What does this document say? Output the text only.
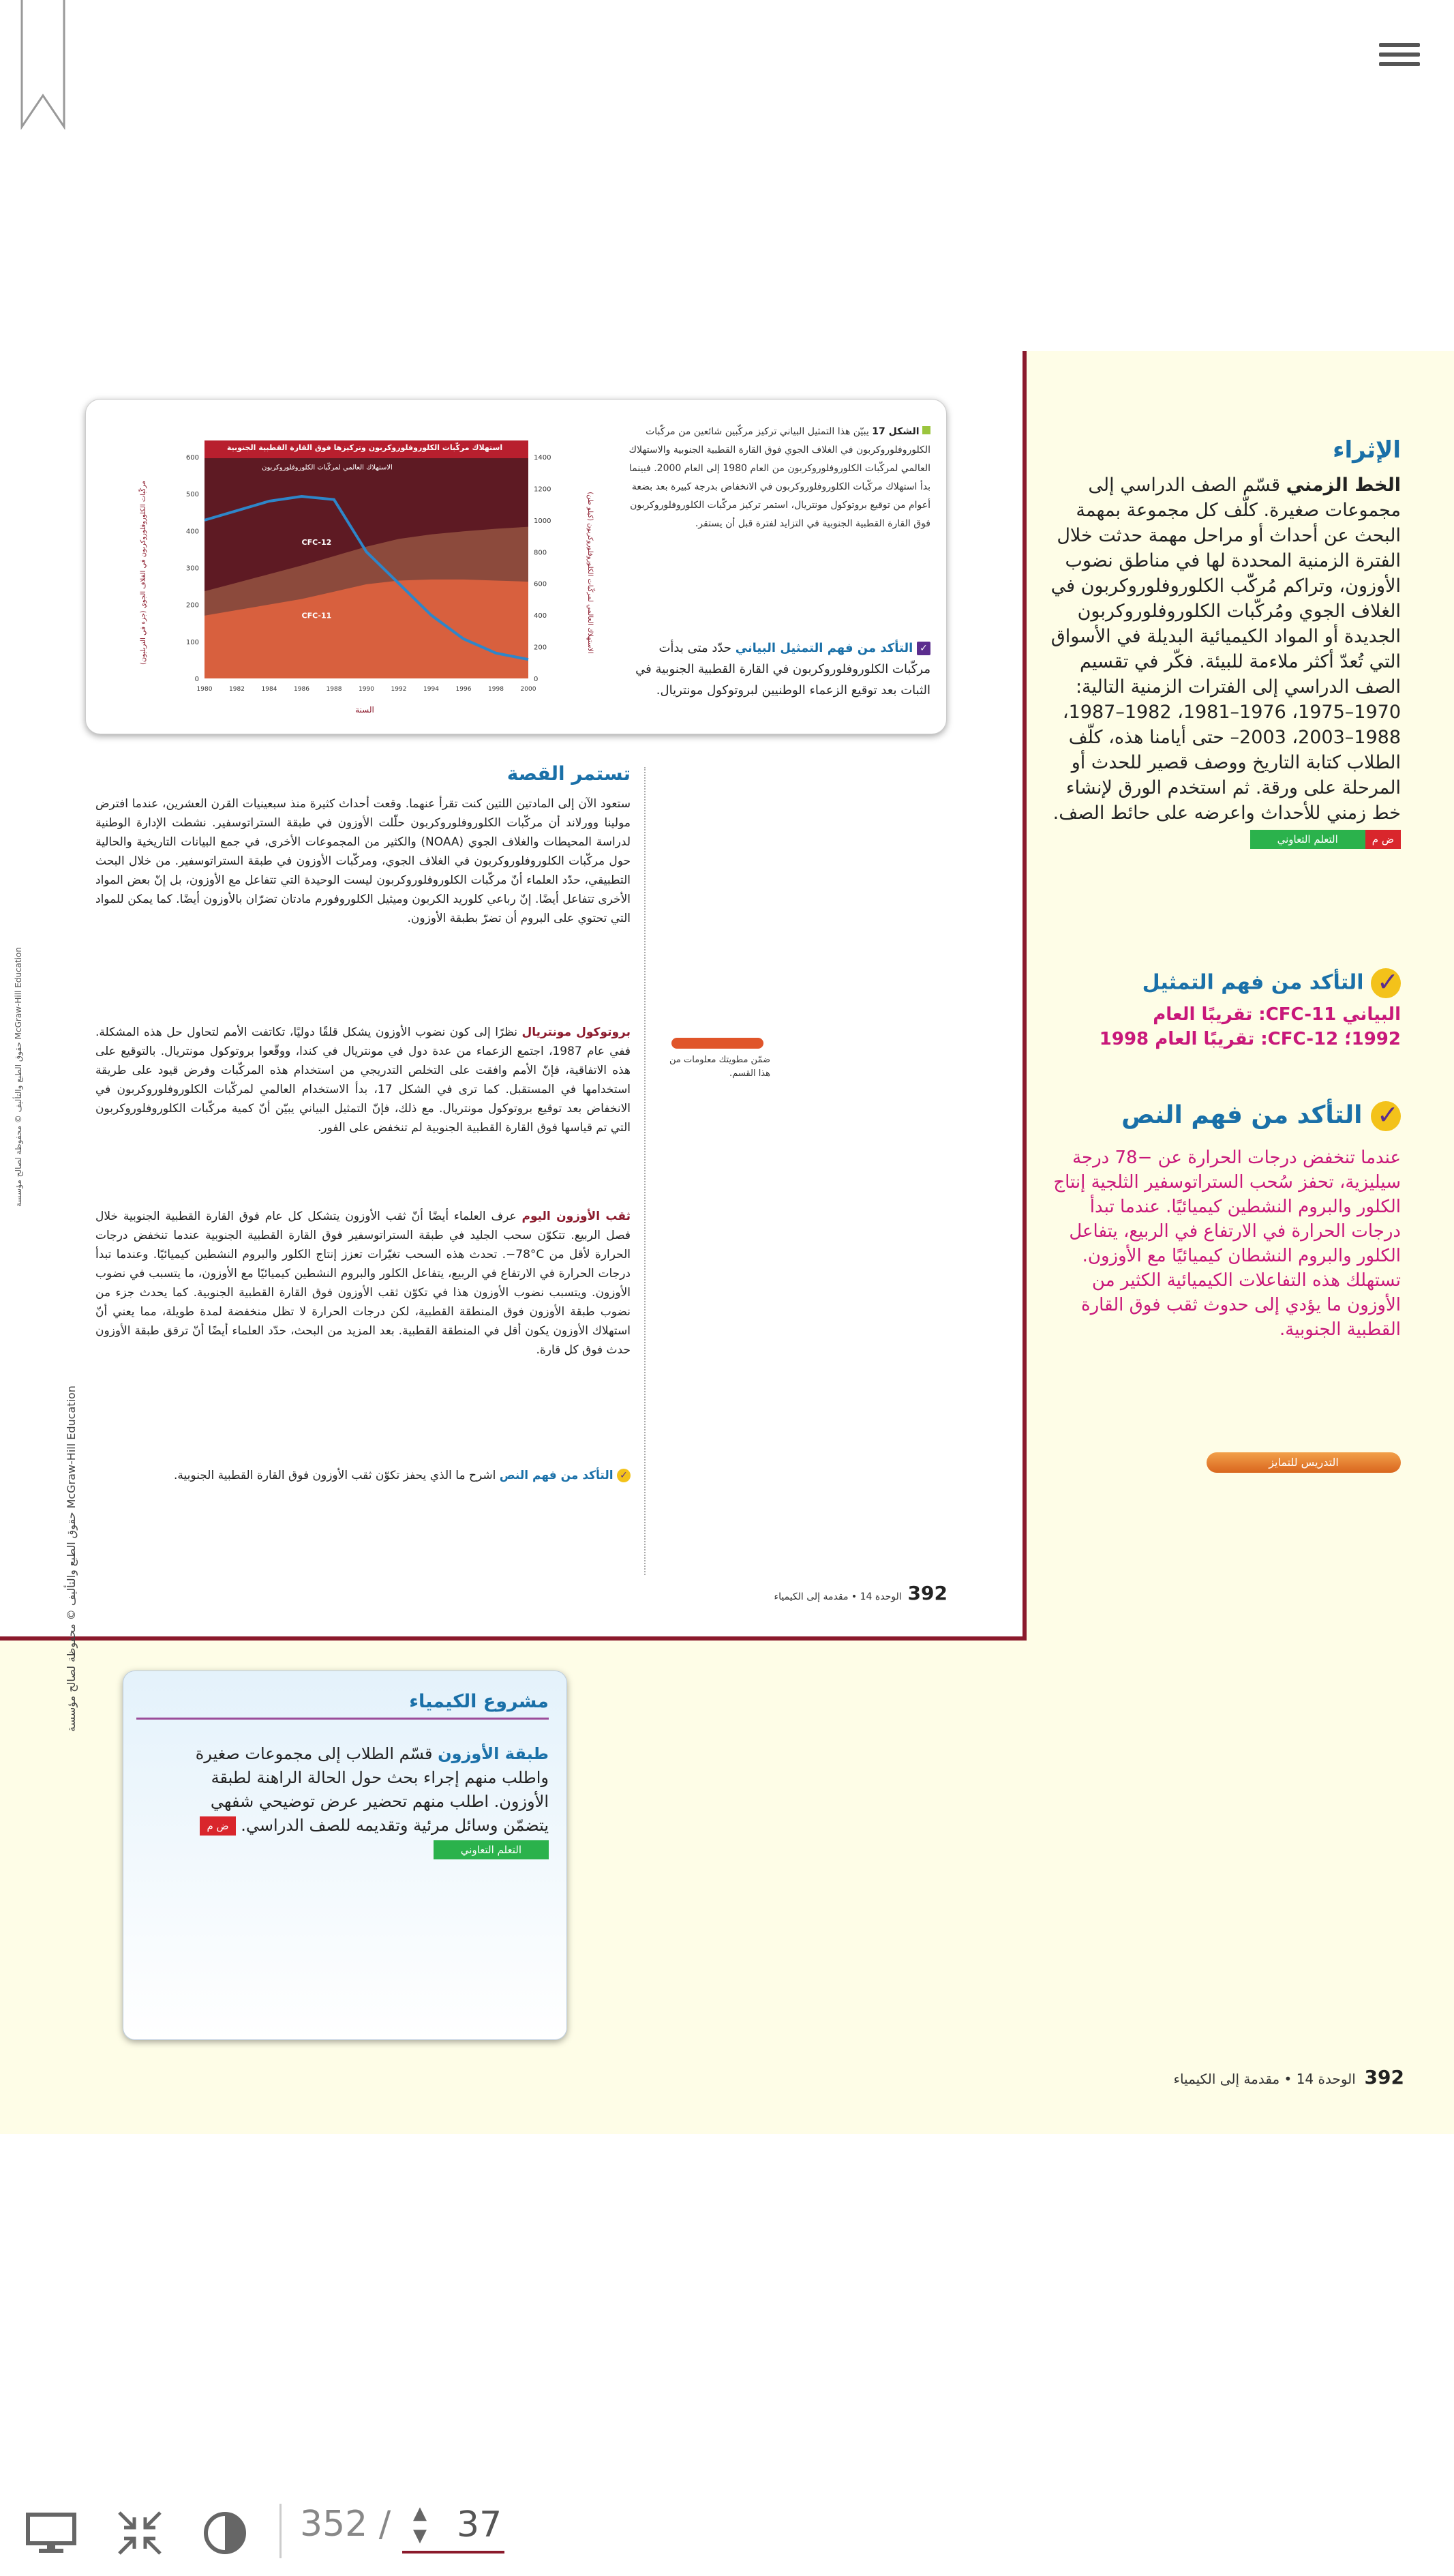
CFC-11
CFC-12
الاستهلاك العالمي لمركّبات الكلوروفلوروكربون
1980	1982	1984	1986	1988	1990	1992	1994	1996	1998	2000
0
100
200
300
400
500
600
0
200
400
600
800
1000
1200
1400
استهلاك مركّبات الكلوروفلوروكربون وتركيزها فوق القارة القطبية الجنوبية
السنة
مركّبات الكلوروفلوروكربون في الغلاف الجوي (جزء في التريليون)	الاستهلاك العالمي لمركّبات الكلوروفلوروكربون (كيلو طن)
الشكل 17 يبيّن هذا التمثيل البياني تركيز مركّبين شائعين من مركّبات الكلوروفلوروكربون في الغلاف الجوي فوق القارة القطبية الجنوبية والاستهلاك العالمي لمركّبات الكلوروفلوروكربون من العام 1980 إلى العام 2000. فبينما بدأ استهلاك مركّبات الكلوروفلوروكربون في الانخفاض بدرجة كبيرة بعد بضعة أعوام من توقيع بروتوكول مونتريال، استمر تركيز مركّبات الكلوروفلوروكربون فوق القارة القطبية الجنوبية في التزايد لفترة قبل أن يستقر.
✓ التأكد من فهم التمثيل البياني حدّد متى بدأت مركّبات الكلوروفلوروكربون في القارة القطبية الجنوبية في الثبات بعد توقيع الزعماء الوطنيين لبروتوكول مونتريال.
تستمر القصة
ستعود الآن إلى المادتين اللتين كنت تقرأ عنهما. وقعت أحداث كثيرة منذ سبعينيات القرن العشرين، عندما افترض مولينا وورلاند أن مركّبات الكلوروفلوروكربون حلّلت الأوزون في طبقة الستراتوسفير. نشطت الإدارة الوطنية لدراسة المحيطات والغلاف الجوي (NOAA) والكثير من المجموعات الأخرى، في جمع البيانات التاريخية والحالية حول مركّبات الكلوروفلوروكربون في الغلاف الجوي، ومركّبات الأوزون في طبقة الستراتوسفير. من خلال البحث التطبيقي، حدّد العلماء أنّ مركّبات الكلوروفلوروكربون ليست الوحيدة التي تتفاعل مع الأوزون، بل إنّ بعض المواد الأخرى تتفاعل أيضًا. إنّ رباعي كلوريد الكربون وميثيل الكلوروفورم مادتان تضرّان بالأوزون أيضًا. كما يمكن للمواد التي تحتوي على البروم أن تضرّ بطبقة الأوزون.
بروتوكول مونتريال نظرًا إلى كون نضوب الأوزون يشكل قلقًا دوليًا، تكاتفت الأمم لتحاول حل هذه المشكلة. ففي عام 1987، اجتمع الزعماء من عدة دول في مونتريال في كندا، ووقّعوا بروتوكول مونتريال. بالتوقيع على هذه الاتفاقية، فإنّ الأمم وافقت على التخلص التدريجي من استخدام هذه المركّبات وفرض قيود على طريقة استخدامها في المستقبل. كما ترى في الشكل 17، بدأ الاستخدام العالمي لمركّبات الكلوروفلوروكربون في الانخفاض بعد توقيع بروتوكول مونتريال. مع ذلك، فإنّ التمثيل البياني يبيّن أنّ كمية مركّبات الكلوروفلوروكربون التي تم قياسها فوق القارة القطبية الجنوبية لم تنخفض على الفور.
ثقب الأوزون اليوم عرف العلماء أيضًا أنّ ثقب الأوزون يتشكل كل عام فوق القارة القطبية الجنوبية خلال فصل الربيع. تتكوّن سحب الجليد في طبقة الستراتوسفير فوق القارة القطبية الجنوبية عندما تنخفض درجات الحرارة لأقل من ‎−78°C‎. تحدث هذه السحب تغيّرات تعزز إنتاج الكلور والبروم النشطين كيميائيًا. وعندما تبدأ درجات الحرارة في الارتفاع في الربيع، يتفاعل الكلور والبروم النشطين كيميائيًا مع الأوزون، ما يتسبب في نضوب الأوزون. ويتسبب نضوب الأوزون هذا في تكوّن ثقب الأوزون فوق القارة القطبية الجنوبية. كما يحدث جزء من نضوب طبقة الأوزون فوق المنطقة القطبية، لكن درجات الحرارة لا تظل منخفضة لمدة طويلة، مما يعني أنّ استهلاك الأوزون يكون أقل في المنطقة القطبية. بعد المزيد من البحث، حدّد العلماء أيضًا أنّ ترقق طبقة الأوزون حدث فوق كل قارة.
✓ التأكد من فهم النص اشرح ما الذي يحفز تكوّن ثقب الأوزون فوق القارة القطبية الجنوبية.
ضمّن مطويتك معلومات من هذا القسم.
392  الوحدة 14 • مقدمة إلى الكيمياء
حقوق الطبع والتأليف © محفوظة لصالح مؤسسة McGraw-Hill Education
الإثراء
الخط الزمني قسّم الصف الدراسي إلى مجموعات صغيرة. كلّف كل مجموعة بمهمة البحث عن أحداث أو مراحل مهمة حدثت خلال الفترة الزمنية المحددة لها في مناطق نضوب الأوزون، وتراكم مُركّب الكلوروفلوروكربون في الغلاف الجوي ومُركّبات الكلوروفلوروكربون الجديدة أو المواد الكيميائية البديلة في الأسواق التي تُعدّ أكثر ملاءمة للبيئة. فكّر في تقسيم الصف الدراسي إلى الفترات الزمنية التالية: 1970–1975، 1976–1981، 1982–1987، 1988–2003، 2003– حتى أيامنا هذه، كلّف الطلاب كتابة التاريخ ووصف قصير للحدث أو المرحلة على ورقة. ثم استخدم الورق لإنشاء خط زمني للأحداث واعرضه على حائط الصف. ض مالتعلم التعاوني
✓ التأكد من فهم التمثيل
البياني CFC-11: تقريبًا العام
1992؛ CFC-12: تقريبًا العام 1998
✓ التأكد من فهم النص
عندما تنخفض درجات الحرارة عن −78 درجة سيليزية، تحفز سُحب الستراتوسفير الثلجية إنتاج الكلور والبروم النشطين كيميائيًا. عندما تبدأ درجات الحرارة في الارتفاع في الربيع، يتفاعل الكلور والبروم النشطان كيميائيًا مع الأوزون. تستهلك هذه التفاعلات الكيميائية الكثير من الأوزون ما يؤدي إلى حدوث ثقب فوق القارة القطبية الجنوبية.
التدريس للتمايز
مشروع الكيمياء
طبقة الأوزون قسّم الطلاب إلى مجموعات صغيرة واطلب منهم إجراء بحث حول الحالة الراهنة لطبقة الأوزون. اطلب منهم تحضير عرض توضيحي شفهي يتضمّن وسائل مرئية وتقديمه للصف الدراسي. ض مالتعلم التعاوني
حقوق الطبع والتأليف © محفوظة لصالح مؤسسة McGraw-Hill Education
392  الوحدة 14 • مقدمة إلى الكيمياء
352 /
37	▲
▼
